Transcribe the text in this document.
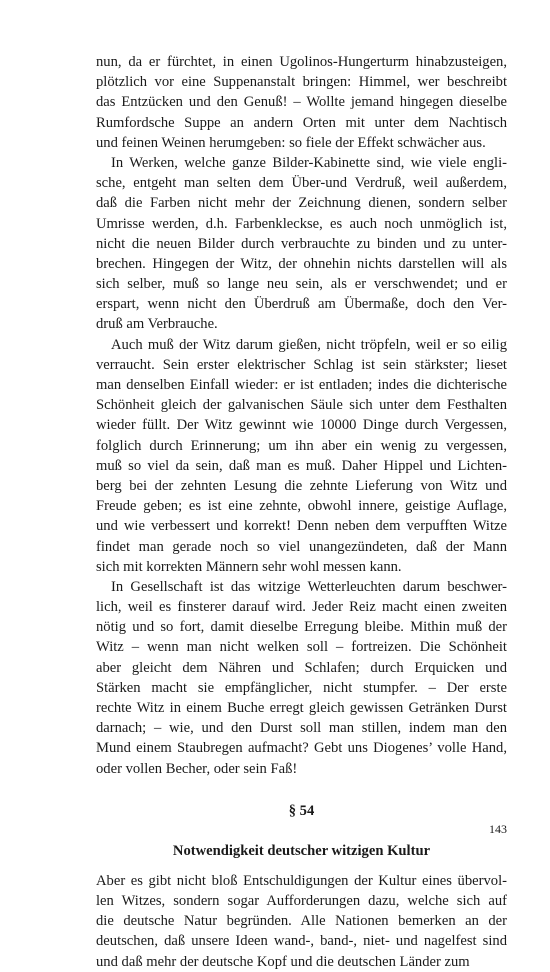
nun, da er fürchtet, in einen Ugolinos-Hungerturm hinabzusteigen,
plötzlich vor eine Suppenanstalt bringen: Himmel, wer beschreibt
das Entzücken und den Genuß! – Wollte jemand hingegen dieselbe
Rumfordsche Suppe an andern Orten mit unter dem Nachtisch
und feinen Weinen herumgeben: so fiele der Effekt schwächer aus.
In Werken, welche ganze Bilder-Kabinette sind, wie viele engli-
sche, entgeht man selten dem Über-und Verdruß, weil außerdem,
daß die Farben nicht mehr der Zeichnung dienen, sondern selber
Umrisse werden, d.h. Farbenkleckse, es auch noch unmöglich ist,
nicht die neuen Bilder durch verbrauchte zu binden und zu unter-
brechen. Hingegen der Witz, der ohnehin nichts darstellen will als
sich selber, muß so lange neu sein, als er verschwendet; und er
erspart, wenn nicht den Überdruß am Übermaße, doch den Ver-
druß am Verbrauche.
Auch muß der Witz darum gießen, nicht tröpfeln, weil er so eilig
verraucht. Sein erster elektrischer Schlag ist sein stärkster; lieset
man denselben Einfall wieder: er ist entladen; indes die dichterische
Schönheit gleich der galvanischen Säule sich unter dem Festhalten
wieder füllt. Der Witz gewinnt wie 10000 Dinge durch Vergessen,
folglich durch Erinnerung; um ihn aber ein wenig zu vergessen,
muß so viel da sein, daß man es muß. Daher Hippel und Lichten-
berg bei der zehnten Lesung die zehnte Lieferung von Witz und
Freude geben; es ist eine zehnte, obwohl innere, geistige Auflage,
und wie verbessert und korrekt! Denn neben dem verpufften Witze
findet man gerade noch so viel unangezündeten, daß der Mann
sich mit korrekten Männern sehr wohl messen kann.
In Gesellschaft ist das witzige Wetterleuchten darum beschwer-
lich, weil es finsterer darauf wird. Jeder Reiz macht einen zweiten
nötig und so fort, damit dieselbe Erregung bleibe. Mithin muß der
Witz – wenn man nicht welken soll – fortreizen. Die Schönheit
aber gleicht dem Nähren und Schlafen; durch Erquicken und
Stärken macht sie empfänglicher, nicht stumpfer. – Der erste
rechte Witz in einem Buche erregt gleich gewissen Getränken Durst
darnach; – wie, und den Durst soll man stillen, indem man den
Mund einem Staubregen aufmacht? Gebt uns Diogenes’ volle Hand,
oder vollen Becher, oder sein Faß!
§ 54
Notwendigkeit deutscher witzigen Kultur
Aber es gibt nicht bloß Entschuldigungen der Kultur eines übervol-
len Witzes, sondern sogar Aufforderungen dazu, welche sich auf
die deutsche Natur begründen. Alle Nationen bemerken an der
deutschen, daß unsere Ideen wand-, band-, niet- und nagelfest sind
und daß mehr der deutsche Kopf und die deutschen Länder zum
143
